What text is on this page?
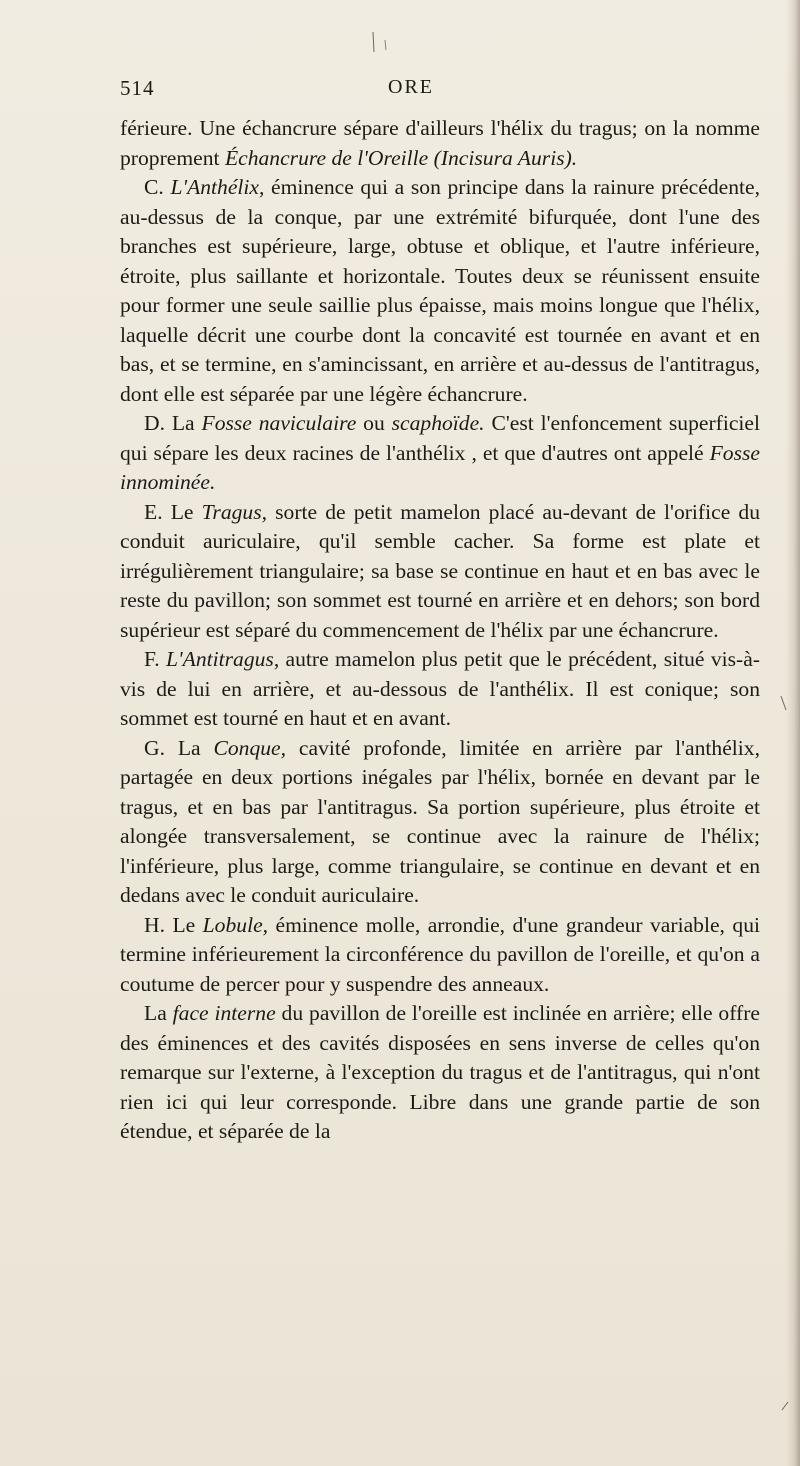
514	ORE

férieure. Une échancrure sépare d'ailleurs l'hélix du tragus; on la nomme proprement Échancrure de l'Oreille (Incisura Auris).

C. L'Anthélix, éminence qui a son principe dans la rainure précédente, au-dessus de la conque, par une extrémité bifurquée, dont l'une des branches est supérieure, large, obtuse et oblique, et l'autre inférieure, étroite, plus saillante et horizontale. Toutes deux se réunissent ensuite pour former une seule saillie plus épaisse, mais moins longue que l'hélix, laquelle décrit une courbe dont la concavité est tournée en avant et en bas, et se termine, en s'amincissant, en arrière et au-dessus de l'antitragus, dont elle est séparée par une légère échancrure.

D. La Fosse naviculaire ou scaphoïde. C'est l'enfoncement superficiel qui sépare les deux racines de l'anthélix , et que d'autres ont appelé Fosse innominée.

E. Le Tragus, sorte de petit mamelon placé au-devant de l'orifice du conduit auriculaire, qu'il semble cacher. Sa forme est plate et irrégulièrement triangulaire; sa base se continue en haut et en bas avec le reste du pavillon; son sommet est tourné en arrière et en dehors; son bord supérieur est séparé du commencement de l'hélix par une échancrure.

F. L'Antitragus, autre mamelon plus petit que le précédent, situé vis-à-vis de lui en arrière, et au-dessous de l'anthélix. Il est conique; son sommet est tourné en haut et en avant.

G. La Conque, cavité profonde, limitée en arrière par l'anthélix, partagée en deux portions inégales par l'hélix, bornée en devant par le tragus, et en bas par l'antitragus. Sa portion supérieure, plus étroite et alongée transversalement, se continue avec la rainure de l'hélix; l'inférieure, plus large, comme triangulaire, se continue en devant et en dedans avec le conduit auriculaire.

H. Le Lobule, éminence molle, arrondie, d'une grandeur variable, qui termine inférieurement la circonférence du pavillon de l'oreille, et qu'on a coutume de percer pour y suspendre des anneaux.

La face interne du pavillon de l'oreille est inclinée en arrière; elle offre des éminences et des cavités disposées en sens inverse de celles qu'on remarque sur l'externe, à l'exception du tragus et de l'antitragus, qui n'ont rien ici qui leur corresponde. Libre dans une grande partie de son étendue, et séparée de la
